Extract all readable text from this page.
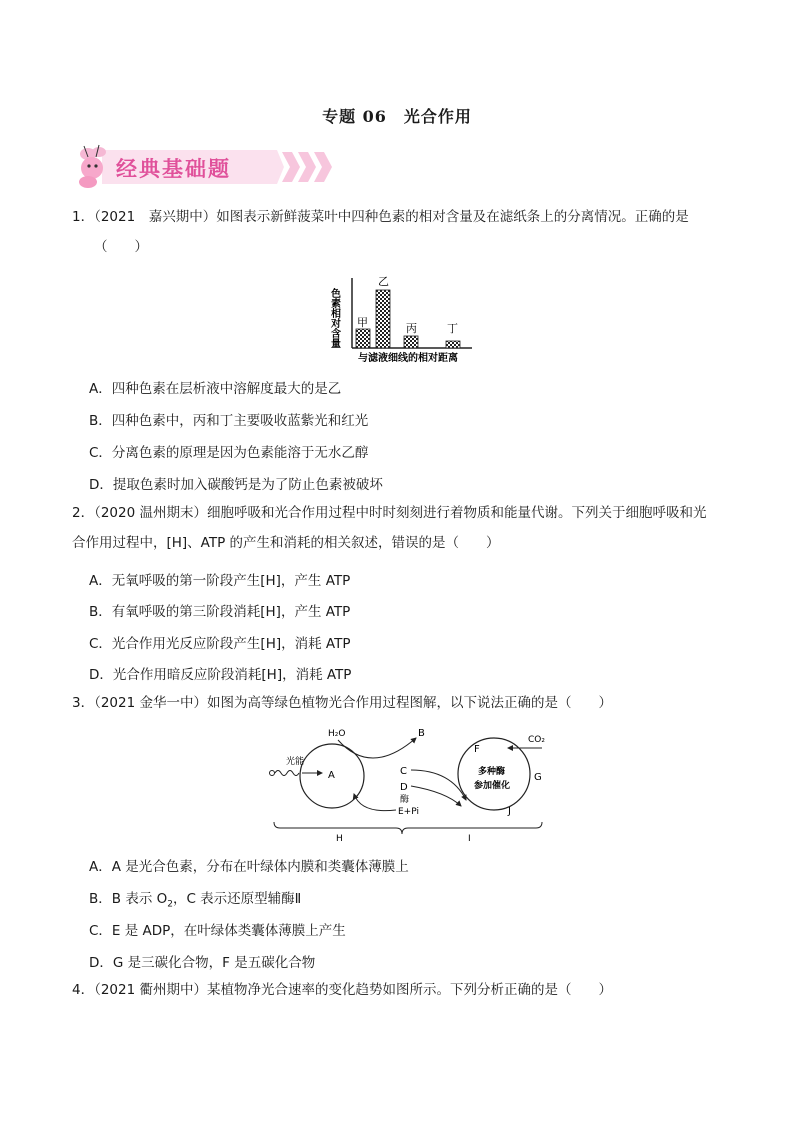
专题 06　光合作用
经典基础题
1．（2021　嘉兴期中）如图表示新鲜菠菜叶中四种色素的相对含量及在滤纸条上的分离情况。正确的是
（　　）
色素相对含量 甲
乙
丙	丁
与滤液细线的相对距离
A．四种色素在层析液中溶解度最大的是乙
B．四种色素中，丙和丁主要吸收蓝紫光和红光
C．分离色素的原理是因为色素能溶于无水乙醇
D．提取色素时加入碳酸钙是为了防止色素被破坏
2．（2020 温州期末）细胞呼吸和光合作用过程中时时刻刻进行着物质和能量代谢。下列关于细胞呼吸和光
合作用过程中，[H]、ATP 的产生和消耗的相关叙述，错误的是（　　）
A．无氧呼吸的第一阶段产生[H]，产生 ATP
B．有氧呼吸的第三阶段消耗[H]，产生 ATP
C．光合作用光反应阶段产生[H]，消耗 ATP
D．光合作用暗反应阶段消耗[H]，消耗 ATP
3．（2021 金华一中）如图为高等绿色植物光合作用过程图解，以下说法正确的是（　　）
光能
A
H₂O	B
C
D
酶
E+Pi
F
CO₂
多种酶
参加催化
G
J
H	I
A．A 是光合色素，分布在叶绿体内膜和类囊体薄膜上
B．B 表示 $O_2$，C 表示还原型辅酶Ⅱ
C．E 是 ADP，在叶绿体类囊体薄膜上产生
D．G 是三碳化合物，F 是五碳化合物
4．（2021 衢州期中）某植物净光合速率的变化趋势如图所示。下列分析正确的是（　　）
